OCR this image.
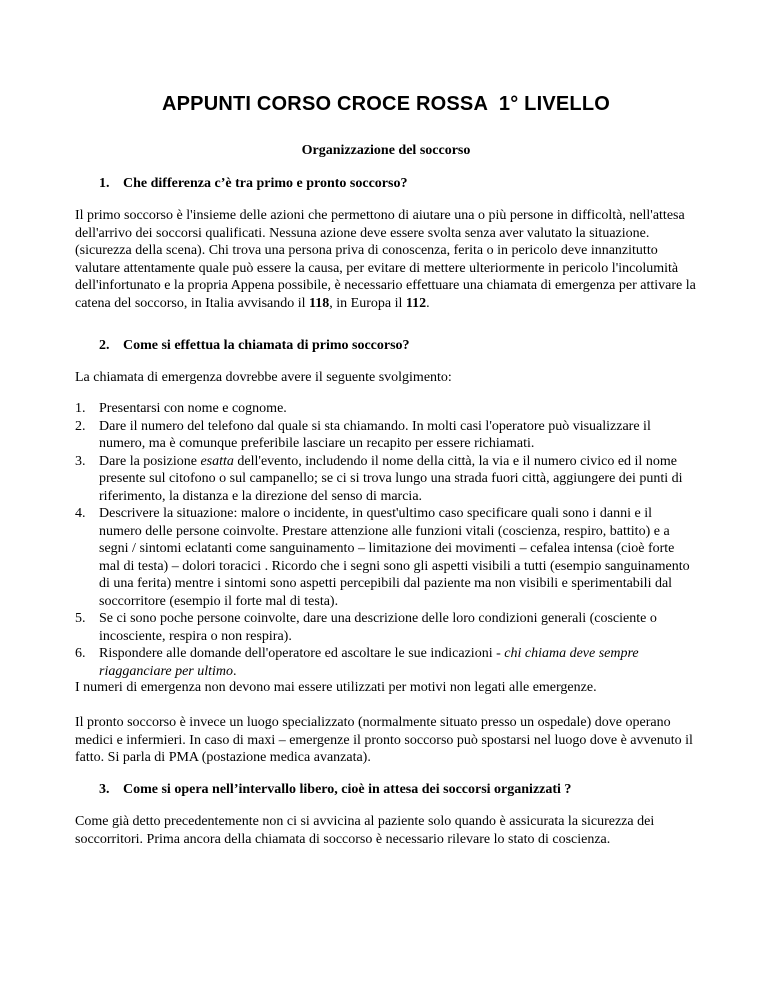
APPUNTI CORSO CROCE ROSSA  1° LIVELLO
Organizzazione del soccorso
1. Che differenza c’è tra primo e pronto soccorso?
Il primo soccorso è l'insieme delle azioni che permettono di aiutare una o più persone in difficoltà, nell'attesa dell'arrivo dei soccorsi qualificati. Nessuna azione deve essere svolta senza aver valutato la situazione. (sicurezza della scena). Chi trova una persona priva di conoscenza, ferita o in pericolo deve innanzitutto valutare attentamente quale può essere la causa, per evitare di mettere ulteriormente in pericolo l'incolumità dell'infortunato e la propria Appena possibile, è necessario effettuare una chiamata di emergenza per attivare la catena del soccorso, in Italia avvisando il 118, in Europa il 112.
2. Come si effettua la chiamata di primo soccorso?
La chiamata di emergenza dovrebbe avere il seguente svolgimento:
1. Presentarsi con nome e cognome.
2. Dare il numero del telefono dal quale si sta chiamando. In molti casi l'operatore può visualizzare il numero, ma è comunque preferibile lasciare un recapito per essere richiamati.
3. Dare la posizione esatta dell'evento, includendo il nome della città, la via e il numero civico ed il nome presente sul citofono o sul campanello; se ci si trova lungo una strada fuori città, aggiungere dei punti di riferimento, la distanza e la direzione del senso di marcia.
4. Descrivere la situazione: malore o incidente, in quest'ultimo caso specificare quali sono i danni e il numero delle persone coinvolte. Prestare attenzione alle funzioni vitali (coscienza, respiro, battito) e a segni / sintomi eclatanti come sanguinamento – limitazione dei movimenti – cefalea intensa (cioè forte mal di testa) – dolori toracici . Ricordo che i segni sono gli aspetti visibili a tutti (esempio sanguinamento di una ferita) mentre i sintomi sono aspetti percepibili dal paziente ma non visibili e sperimentabili dal soccorritore (esempio il forte mal di testa).
5. Se ci sono poche persone coinvolte, dare una descrizione delle loro condizioni generali (cosciente o incosciente, respira o non respira).
6. Rispondere alle domande dell'operatore ed ascoltare le sue indicazioni - chi chiama deve sempre riagganciare per ultimo.
I numeri di emergenza non devono mai essere utilizzati per motivi non legati alle emergenze.
Il pronto soccorso è invece un luogo specializzato (normalmente situato presso un ospedale) dove operano medici e infermieri. In caso di maxi – emergenze il pronto soccorso può spostarsi nel luogo dove è avvenuto il fatto. Si parla di PMA (postazione medica avanzata).
3. Come si opera nell’intervallo libero, cioè in attesa dei soccorsi organizzati ?
Come già detto precedentemente non ci si avvicina al paziente solo quando è assicurata la sicurezza dei soccorritori. Prima ancora della chiamata di soccorso è necessario rilevare lo stato di coscienza.
